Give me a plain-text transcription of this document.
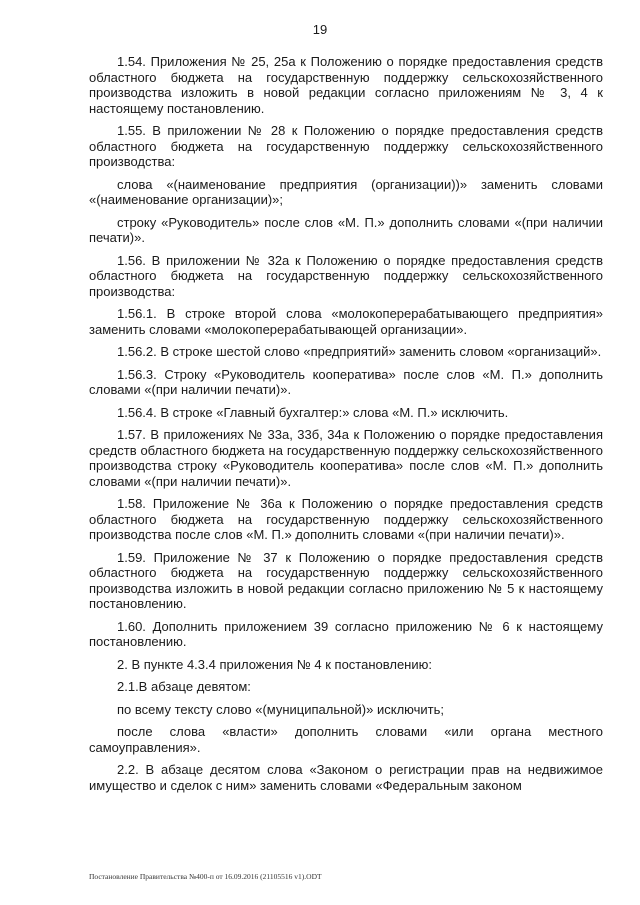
19

1.54. Приложения № 25, 25а к Положению о порядке предоставления средств областного бюджета на государственную поддержку сельскохозяйственного производства изложить в новой редакции согласно приложениям № 3, 4 к настоящему постановлению.

1.55. В приложении № 28 к Положению о порядке предоставления средств областного бюджета на государственную поддержку сельскохозяйственного производства:

слова «(наименование предприятия (организации))» заменить словами «(наименование организации)»;

строку «Руководитель» после слов «М. П.» дополнить словами «(при наличии печати)».

1.56. В приложении № 32а к Положению о порядке предоставления средств областного бюджета на государственную поддержку сельскохозяйственного производства:

1.56.1. В строке второй слова «молокоперерабатывающего предприятия» заменить словами «молокоперерабатывающей организации».

1.56.2. В строке шестой слово «предприятий» заменить словом «организаций».

1.56.3. Строку «Руководитель кооператива» после слов «М. П.» дополнить словами «(при наличии печати)».

1.56.4. В строке «Главный бухгалтер:» слова «М. П.» исключить.

1.57. В приложениях № 33а, 33б, 34а к Положению о порядке предоставления средств областного бюджета на государственную поддержку сельскохозяйственного производства строку «Руководитель кооператива» после слов «М. П.» дополнить словами «(при наличии печати)».

1.58. Приложение № 36а к Положению о порядке предоставления средств областного бюджета на государственную поддержку сельскохозяйственного производства после слов «М. П.» дополнить словами «(при наличии печати)».

1.59. Приложение № 37 к Положению о порядке предоставления средств областного бюджета на государственную поддержку сельскохозяйственного производства изложить в новой редакции согласно приложению № 5 к настоящему постановлению.

1.60. Дополнить приложением 39 согласно приложению № 6 к настоящему постановлению.

2. В пункте 4.3.4 приложения № 4 к постановлению:

2.1.В абзаце девятом:

по всему тексту слово «(муниципальной)» исключить;

после слова «власти» дополнить словами «или органа местного самоуправления».

2.2. В абзаце десятом слова «Законом о регистрации прав на недвижимое имущество и сделок с ним» заменить словами «Федеральным законом

Постановление Правительства №400-п от 16.09.2016 (21105516 v1).ODT
